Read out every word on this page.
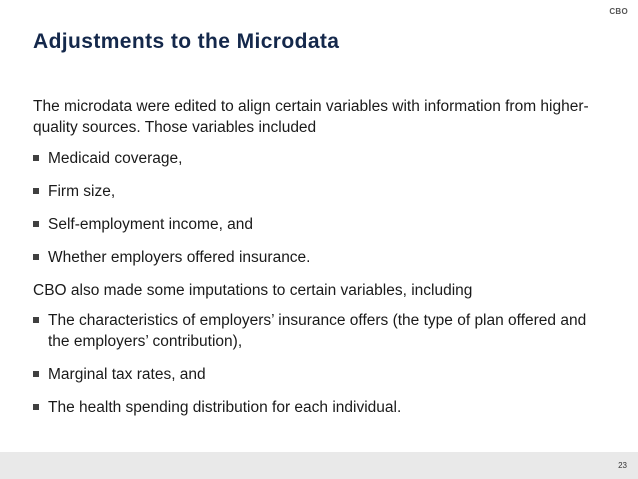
CBO
Adjustments to the Microdata

The microdata were edited to align certain variables with information from higher-quality sources. Those variables included

Medicaid coverage,
Firm size,
Self-employment income, and
Whether employers offered insurance.

CBO also made some imputations to certain variables, including

The characteristics of employers’ insurance offers (the type of plan offered and the employers’ contribution),
Marginal tax rates, and
The health spending distribution for each individual.
23
